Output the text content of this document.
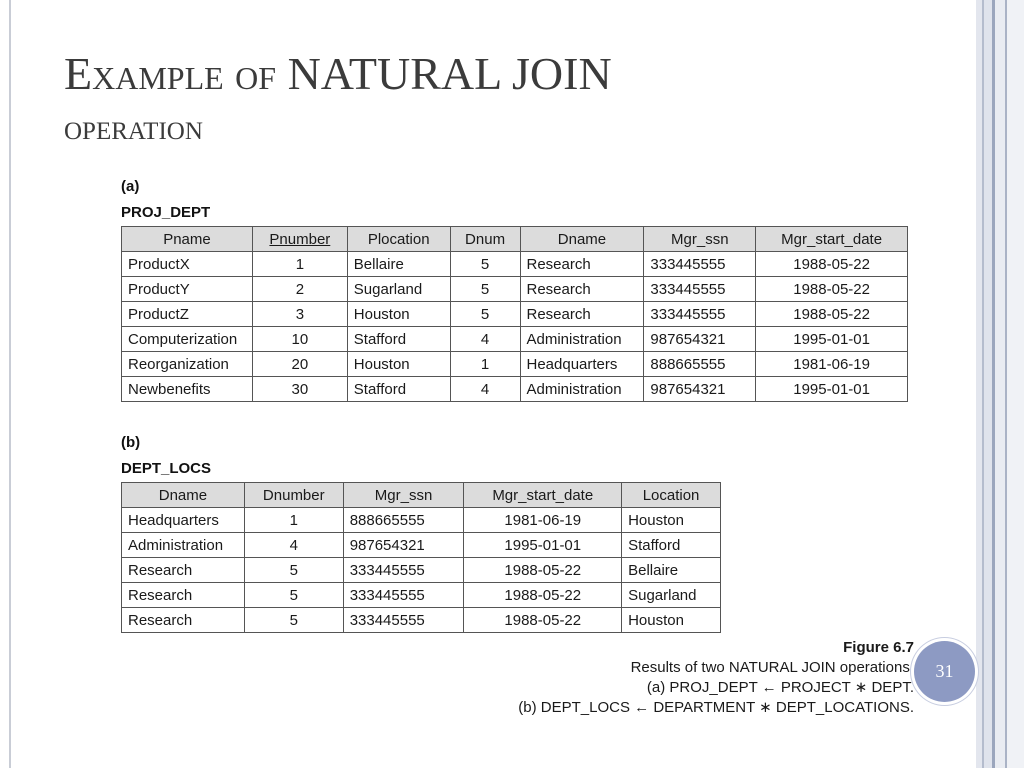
Example of NATURAL JOIN
operation
(a)
PROJ_DEPT
Pname	Pnumber	Plocation	Dnum	Dname	Mgr_ssn	Mgr_start_date
ProductX	1	Bellaire	5	Research	333445555	1988-05-22
ProductY	2	Sugarland	5	Research	333445555	1988-05-22
ProductZ	3	Houston	5	Research	333445555	1988-05-22
Computerization	10	Stafford	4	Administration	987654321	1995-01-01
Reorganization	20	Houston	1	Headquarters	888665555	1981-06-19
Newbenefits	30	Stafford	4	Administration	987654321	1995-01-01
(b)
DEPT_LOCS
Dname	Dnumber	Mgr_ssn	Mgr_start_date	Location
Headquarters	1	888665555	1981-06-19	Houston
Administration	4	987654321	1995-01-01	Stafford
Research	5	333445555	1988-05-22	Bellaire
Research	5	333445555	1988-05-22	Sugarland
Research	5	333445555	1988-05-22	Houston
Figure 6.7
Results of two NATURAL JOIN operations.
(a) PROJ_DEPT ← PROJECT ∗ DEPT.
(b) DEPT_LOCS ← DEPARTMENT ∗ DEPT_LOCATIONS.
31
